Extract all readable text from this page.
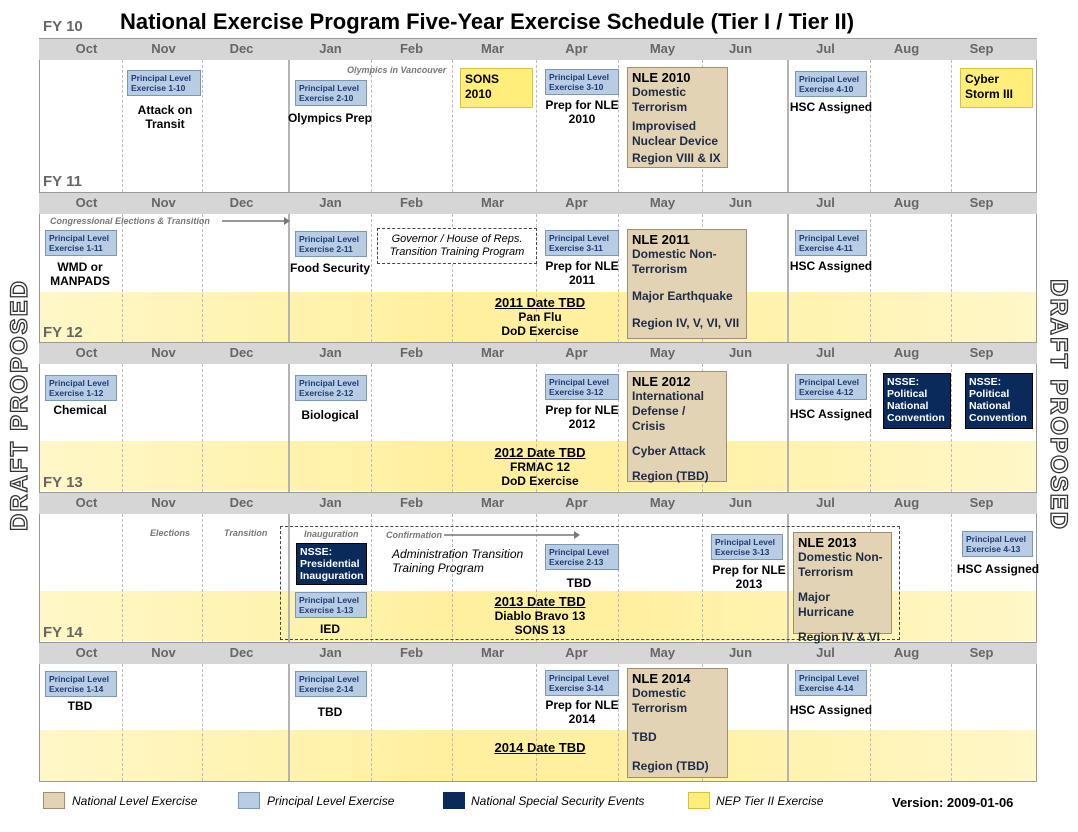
National Exercise Program Five-Year Exercise Schedule (Tier I / Tier II)
DRAFT PROPOSED	DRAFT PROPOSED
Oct	Nov	Dec	Jan	Feb	Mar	Apr	May	Jun	Jul	Aug	Sep
Oct	Nov	Dec	Jan	Feb	Mar	Apr	May	Jun	Jul	Aug	Sep
Oct	Nov	Dec	Jan	Feb	Mar	Apr	May	Jun	Jul	Aug	Sep
Oct	Nov	Dec	Jan	Feb	Mar	Apr	May	Jun	Jul	Aug	Sep
Oct	Nov	Dec	Jan	Feb	Mar	Apr	May	Jun	Jul	Aug	Sep
FY 10
FY 11
FY 12
FY 13
FY 14
Principal Level Exercise 1-10
Attack on Transit
Olympics in Vancouver
Principal Level Exercise 2-10
Olympics Prep
SONS 2010
Principal Level Exercise 3-10
Prep for NLE 2010
NLE 2010
Domestic Terrorism
Improvised Nuclear Device
Region VIII & IX
Principal Level Exercise 4-10
HSC Assigned
Cyber Storm III
Congressional Elections & Transition
Principal Level Exercise 1-11
WMD or MANPADS
Principal Level Exercise 2-11
Food Security
Governor / House of Reps. Transition Training Program
Principal Level Exercise 3-11
Prep for NLE 2011
NLE 2011
Domestic Non-Terrorism
Major Earthquake
Region IV, V, VI, VII
Principal Level Exercise 4-11
HSC Assigned
2011 Date TBD
Pan Flu
DoD Exercise
Principal Level Exercise 1-12
Chemical
Principal Level Exercise 2-12
Biological
Principal Level Exercise 3-12
Prep for NLE 2012
NLE 2012
International Defense / Crisis
Cyber Attack
Region (TBD)
Principal Level Exercise 4-12
HSC Assigned
NSSE: Political National Convention
NSSE: Political National Convention
2012 Date TBD
FRMAC 12
DoD Exercise
Elections	Transition	Inauguration	Confirmation
Administration Transition Training Program
NSSE: Presidential Inauguration
Principal Level Exercise 1-13
IED
Principal Level Exercise 2-13
TBD
Principal Level Exercise 3-13
Prep for NLE 2013
NLE 2013
Domestic Non-Terrorism
Major Hurricane
Region IV & VI
Principal Level Exercise 4-13
HSC Assigned
2013 Date TBD
Diablo Bravo 13
SONS 13
Principal Level Exercise 1-14
TBD
Principal Level Exercise 2-14
TBD
Principal Level Exercise 3-14
Prep for NLE 2014
NLE 2014
Domestic Terrorism
TBD
Region (TBD)
Principal Level Exercise 4-14
HSC Assigned
2014 Date TBD
National Level Exercise	Principal Level Exercise	National Special Security Events	NEP Tier II Exercise	Version: 2009-01-06
